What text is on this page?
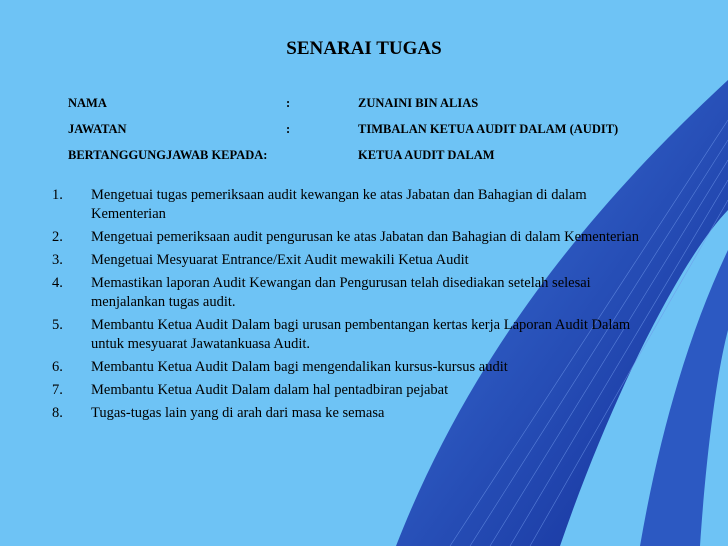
SENARAI TUGAS
NAMA	:	ZUNAINI BIN ALIAS
JAWATAN	:	TIMBALAN KETUA AUDIT DALAM (AUDIT)
BERTANGGUNGJAWAB KEPADA:	KETUA AUDIT DALAM
1. Mengetuai tugas pemeriksaan audit kewangan ke atas Jabatan dan Bahagian di dalam Kementerian
2. Mengetuai pemeriksaan audit pengurusan ke atas Jabatan dan Bahagian di dalam Kementerian
3. Mengetuai Mesyuarat Entrance/Exit Audit mewakili Ketua Audit
4. Memastikan laporan Audit Kewangan dan Pengurusan telah disediakan setelah selesai menjalankan tugas audit.
5. Membantu Ketua Audit Dalam bagi urusan pembentangan kertas kerja Laporan Audit Dalam untuk mesyuarat Jawatankuasa Audit.
6. Membantu Ketua Audit Dalam bagi mengendalikan kursus-kursus audit
7. Membantu Ketua Audit Dalam dalam hal pentadbiran pejabat
8. Tugas-tugas lain yang di arah dari masa ke semasa
